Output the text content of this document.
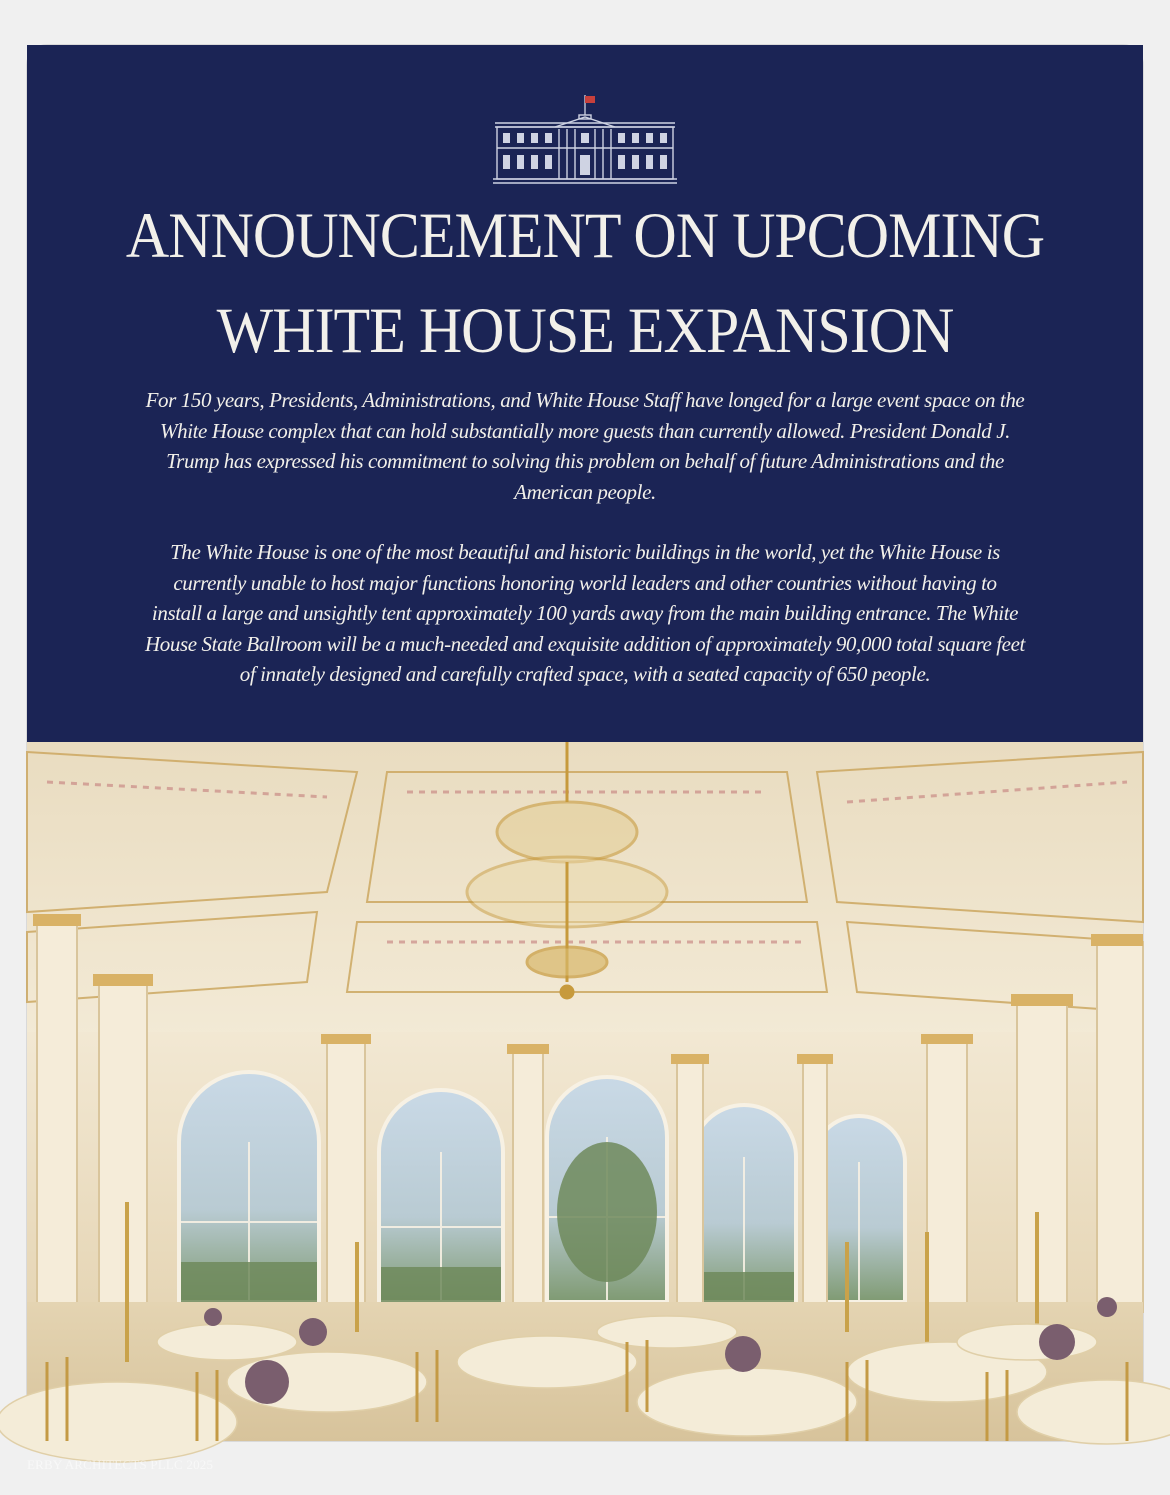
ANNOUNCEMENT ON UPCOMING
WHITE HOUSE EXPANSION
For 150 years, Presidents, Administrations, and White House Staff have longed for a large event space on the
White House complex that can hold substantially more guests than currently allowed. President Donald J.
Trump has expressed his commitment to solving this problem on behalf of future Administrations and the
American people.
The White House is one of the most beautiful and historic buildings in the world, yet the White House is
currently unable to host major functions honoring world leaders and other countries without having to
install a large and unsightly tent approximately 100 yards away from the main building entrance. The White
House State Ballroom will be a much-needed and exquisite addition of approximately 90,000 total square feet
of innately designed and carefully crafted space, with a seated capacity of 650 people.
ERBY ARCHITECTS PLLC 2025
